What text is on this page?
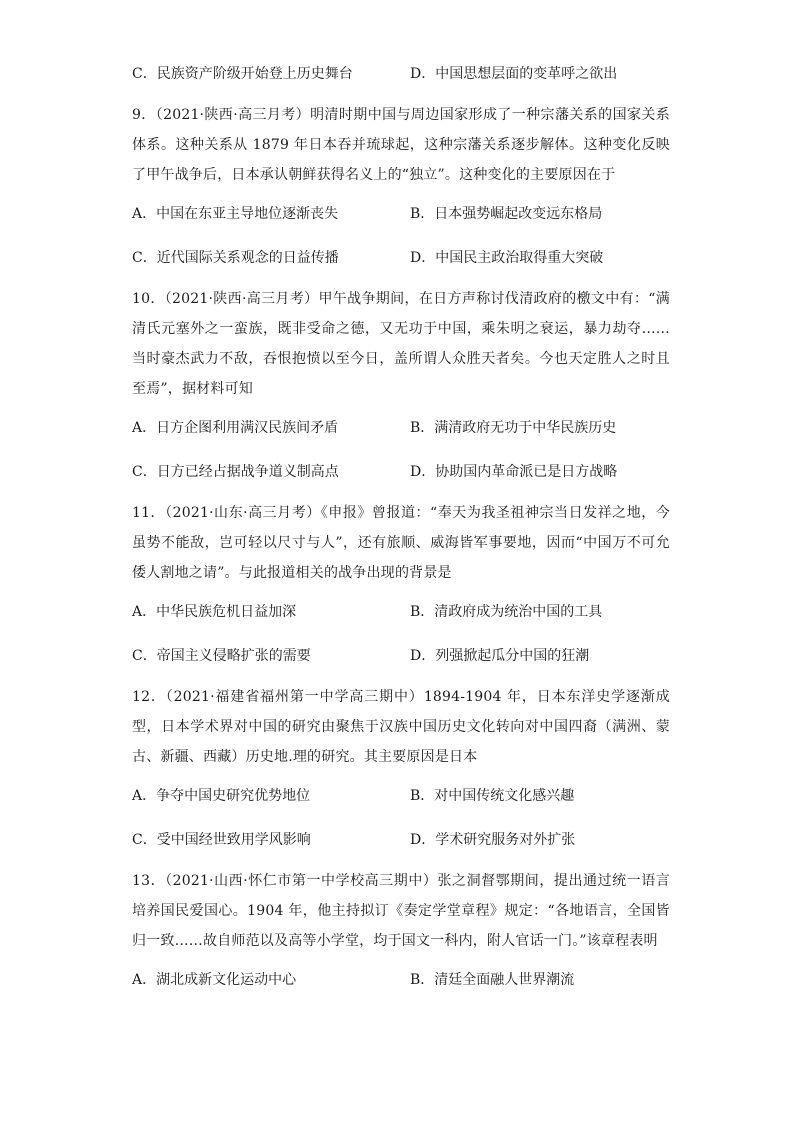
C．民族资产阶级开始登上历史舞台	D．中国思想层面的变革呼之欲出
9．（2021·陕西·高三月考）明清时期中国与周边国家形成了一种宗藩关系的国家关系体系。这种关系从 1879 年日本吞并琉球起，这种宗藩关系逐步解体。这种变化反映了甲午战争后，日本承认朝鲜获得名义上的“独立”。这种变化的主要原因在于
A．中国在东亚主导地位逐渐丧失	B．日本强势崛起改变远东格局
C．近代国际关系观念的日益传播	D．中国民主政治取得重大突破
10．（2021·陕西·高三月考）甲午战争期间，在日方声称讨伐清政府的檄文中有：“满清氏元塞外之一蛮族，既非受命之德，又无功于中国，乘朱明之衰运，暴力劫夺……当时豪杰武力不敌，吞恨抱愤以至今日，盖所谓人众胜天者矣。今也天定胜人之时且至焉”，据材料可知
A．日方企图利用满汉民族间矛盾	B．满清政府无功于中华民族历史
C．日方已经占据战争道义制高点	D．协助国内革命派已是日方战略
11．（2021·山东·高三月考）《申报》曾报道：“奉天为我圣祖神宗当日发祥之地，今虽势不能敌，岂可轻以尺寸与人”，还有旅顺、威海皆军事要地，因而“中国万不可允倭人割地之请”。与此报道相关的战争出现的背景是
A．中华民族危机日益加深	B．清政府成为统治中国的工具
C．帝国主义侵略扩张的需要	D．列强掀起瓜分中国的狂潮
12．（2021·福建省福州第一中学高三期中）1894-1904 年，日本东洋史学逐渐成型，日本学术界对中国的研究由聚焦于汉族中国历史文化转向对中国四裔（满洲、蒙古、新疆、西藏）历史地.理的研究。其主要原因是日本
A．争夺中国史研究优势地位	B．对中国传统文化感兴趣
C．受中国经世致用学风影响	D．学术研究服务对外扩张
13．（2021·山西·怀仁市第一中学校高三期中）张之洞督鄂期间，提出通过统一语言培养国民爱国心。1904 年，他主持拟订《奏定学堂章程》规定：“各地语言，全国皆归一致……故自师范以及高等小学堂，均于国文一科内，附人官话一门。”该章程表明
A．湖北成新文化运动中心	B．清廷全面融人世界潮流
